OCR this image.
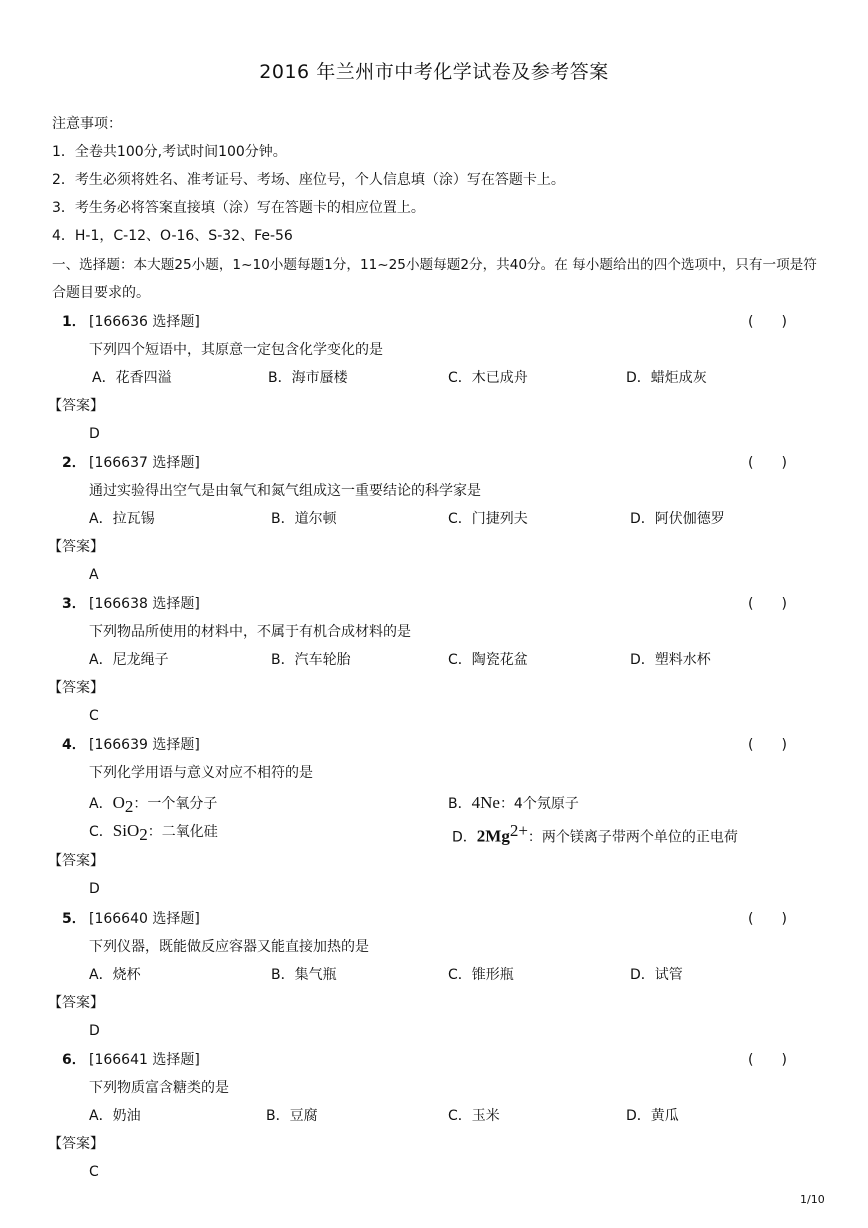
2016 年兰州市中考化学试卷及参考答案
注意事项：
1．全卷共100分,考试时间100分钟。
2．考生必须将姓名、准考证号、考场、座位号，个人信息填（涂）写在答题卡上。
3．考生务必将答案直接填（涂）写在答题卡的相应位置上。
4．H-1，C-12、O-16、S-32、Fe-56
一、选择题：本大题25小题，1~10小题每题1分，11~25小题每题2分，共40分。在 每小题给出的四个选项中，只有一项是符
合题目要求的。
1． [166636 选择题]	(　　)
下列四个短语中，其原意一定包含化学变化的是
A．花香四溢	B．海市蜃楼	C．木已成舟	D．蜡炬成灰
【答案】
D
2． [166637 选择题]	(　　)
通过实验得出空气是由氧气和氮气组成这一重要结论的科学家是
A．拉瓦锡	B．道尔顿	C．门捷列夫	D．阿伏伽德罗
【答案】
A
3． [166638 选择题]	(　　)
下列物品所使用的材料中，不属于有机合成材料的是
A．尼龙绳子	B．汽车轮胎	C．陶瓷花盆	D．塑料水杯
【答案】
C
4． [166639 选择题]	(　　)
下列化学用语与意义对应不相符的是
A．$O_2$：一个氧分子	B．4Ne：4个氖原子
C．SiO$_2$：二氧化硅	D．$2Mg^{2+}$：两个镁离子带两个单位的正电荷
【答案】
D
5． [166640 选择题]	(　　)
下列仪器，既能做反应容器又能直接加热的是
A．烧杯	B．集气瓶	C．锥形瓶	D．试管
【答案】
D
6． [166641 选择题]	(　　)
下列物质富含糖类的是
A．奶油	B．豆腐	C．玉米	D．黄瓜
【答案】
C
1/10
